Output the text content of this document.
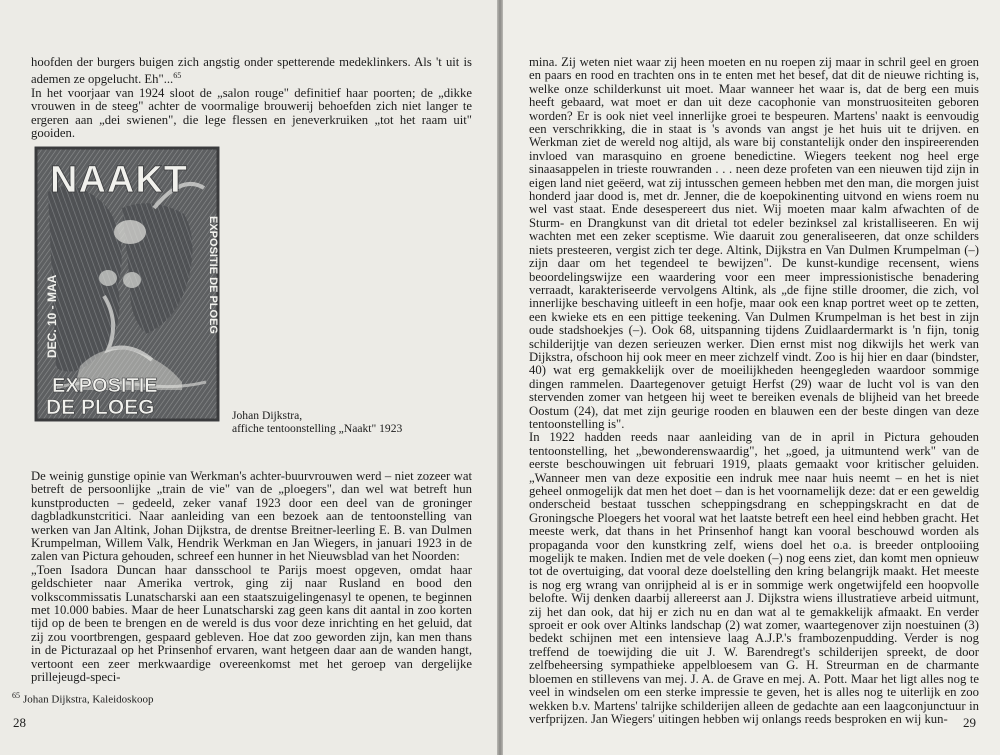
hoofden der burgers buigen zich angstig onder spetterende medeklinkers. Als 't uit is ademen ze opgelucht. Eh"...$^{65}$

In het voorjaar van 1924 sloot de „salon rouge" definitief haar poorten; de „dikke vrouwen in de steeg" achter de voormalige brouwerij behoefden zich niet langer te ergeren aan „dei swienen", die lege flessen en jeneverkruiken „tot het raam uit" gooiden.

NAAKT
DEC. 10 - MAA	EXPOSITIE DE PLOEG
EXPOSITIE
DE PLOEG	Johan Dijkstra,
affiche tentoonstelling „Naakt" 1923

De weinig gunstige opinie van Werkman's achter-buurvrouwen werd – niet zozeer wat betreft de persoonlijke „train de vie" van de „ploegers", dan wel wat betreft hun kunstproducten – gedeeld, zeker vanaf 1923 door een deel van de groninger dagbladkunstcritici. Naar aanleiding van een bezoek aan de tentoonstelling van werken van Jan Altink, Johan Dijkstra, de drentse Breitner-leerling E. B. van Dulmen Krumpelman, Willem Valk, Hendrik Werkman en Jan Wiegers, in januari 1923 in de zalen van Pictura gehouden, schreef een hunner in het Nieuwsblad van het Noorden:

„Toen Isadora Duncan haar dansschool te Parijs moest opgeven, omdat haar geldschieter naar Amerika vertrok, ging zij naar Rusland en bood den volkscommissatis Lunatscharski aan een staatszuigelingenasyl te openen, te beginnen met 10.000 babies. Maar de heer Lunatscharski zag geen kans dit aantal in zoo korten tijd op de been te brengen en de wereld is dus voor deze inrichting en het geluid, dat zij zou voortbrengen, gespaard gebleven. Hoe dat zoo geworden zijn, kan men thans in de Picturazaal op het Prinsenhof ervaren, want hetgeen daar aan de wanden hangt, vertoont een zeer merkwaardige overeenkomst met het geroep van dergelijke prillejeugd-speci-

$^{65}$ Johan Dijkstra, Kaleidoskoop
28

mina. Zij weten niet waar zij heen moeten en nu roepen zij maar in schril geel en groen en paars en rood en trachten ons in te enten met het besef, dat dit de nieuwe richting is, welke onze schilderkunst uit moet. Maar wanneer het waar is, dat de berg een muis heeft gebaard, wat moet er dan uit deze cacophonie van monstruositeiten geboren worden? Er is ook niet veel innerlijke groei te bespeuren. Martens' naakt is eenvoudig een verschrikking, die in staat is 's avonds van angst je het huis uit te drijven. en Werkman ziet de wereld nog altijd, als ware bij constantelijk onder den inspireerenden invloed van marasquino en groene benedictine. Wiegers teekent nog heel erge sinaasappelen in trieste rouwranden . . . neen deze profeten van een nieuwen tijd zijn in eigen land niet geëerd, wat zij intusschen gemeen hebben met den man, die morgen juist honderd jaar dood is, met dr. Jenner, die de koepokinenting uitvond en wiens roem nu wel vast staat. Ende desespereert dus niet. Wij moeten maar kalm afwachten of de Sturm- en Drangkunst van dit drietal tot edeler bezinksel zal kristalliseeren. En wij wachten met een zeker sceptisme. Wie daaruit zou generaliseeren, dat onze schilders niets presteeren, vergist zich ter dege. Altink, Dijkstra en Van Dulmen Krumpelman (–) zijn daar om het tegendeel te bewijzen". De kunst-kundige recensent, wiens beoordelingswijze een waardering voor een meer impressionistische benadering verraadt, karakteriseerde vervolgens Altink, als „de fijne stille droomer, die zich, vol innerlijke beschaving uitleeft in een hofje, maar ook een knap portret weet op te zetten, een kwieke ets en een pittige teekening. Van Dulmen Krumpelman is het best in zijn oude stadshoekjes (–). Ook 68, uitspanning tijdens Zuidlaardermarkt is 'n fijn, tonig schilderijtje van dezen serieuzen werker. Dien ernst mist nog dikwijls het werk van Dijkstra, ofschoon hij ook meer en meer zichzelf vindt. Zoo is hij hier en daar (bindster, 40) wat erg gemakkelijk over de moeilijkheden heengegleden waardoor sommige dingen rammelen. Daartegenover getuigt Herfst (29) waar de lucht vol is van den stervenden zomer van hetgeen hij weet te bereiken evenals de blijheid van het breede Oostum (24), dat met zijn geurige rooden en blauwen een der beste dingen van deze tentoonstelling is".

In 1922 hadden reeds naar aanleiding van de in april in Pictura gehouden tentoonstelling, het „bewonderenswaardig", het „goed, ja uitmuntend werk" van de eerste beschouwingen uit februari 1919, plaats gemaakt voor kritischer geluiden. „Wanneer men van deze expositie een indruk mee naar huis neemt – en het is niet geheel onmogelijk dat men het doet – dan is het voornamelijk deze: dat er een geweldig onderscheid bestaat tusschen scheppingsdrang en scheppingskracht en dat de Groningsche Ploegers het vooral wat het laatste betreft een heel eind hebben gracht. Het meeste werk, dat thans in het Prinsenhof hangt kan vooral beschouwd worden als propaganda voor den kunstkring zelf, wiens doel het o.a. is breeder ontplooiing mogelijk te maken. Indien met de vele doeken (–) nog eens ziet, dan komt men opnieuw tot de overtuiging, dat vooral deze doelstelling den kring belangrijk maakt. Het meeste is nog erg wrang van onrijpheid al is er in sommige werk ongetwijfeld een hoopvolle belofte. Wij denken daarbij allereerst aan J. Dijkstra wiens illustratieve arbeid uitmunt, zij het dan ook, dat hij er zich nu en dan wat al te gemakkelijk afmaakt. En verder sproeit er ook over Altinks landschap (2) wat zomer, waartegenover zijn noestuinen (3) bedekt schijnen met een intensieve laag A.J.P.'s frambozenpudding. Verder is nog treffend de toewijding die uit J. W. Barendregt's schilderijen spreekt, de door zelfbeheersing sympathieke appelbloesem van G. H. Streurman en de charmante bloemen en stillevens van mej. J. A. de Grave en mej. A. Pott. Maar het ligt alles nog te veel in windselen om een sterke impressie te geven, het is alles nog te uiterlijk en zoo wekken b.v. Martens' talrijke schilderijen alleen de gedachte aan een laagconjunctuur in verfprijzen. Jan Wiegers' uitingen hebben wij onlangs reeds besproken en wij kun-	29
